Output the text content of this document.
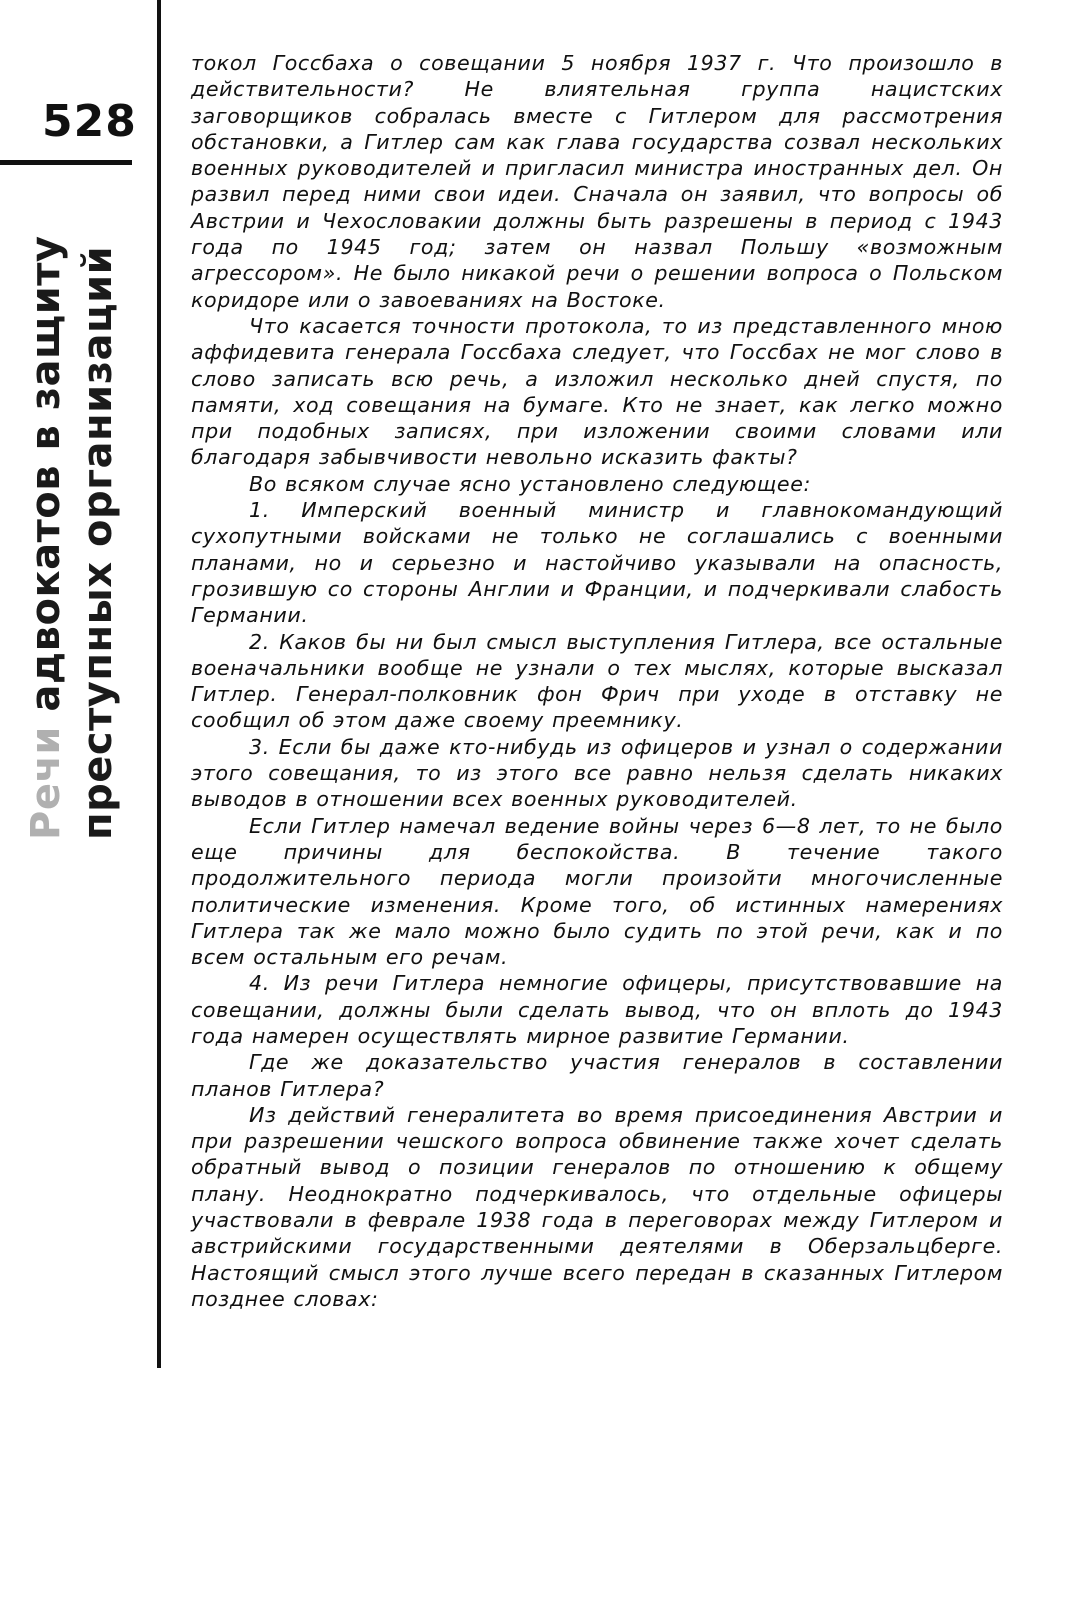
528
Речи адвокатов в защиту преступных организаций

токол Госсбаха о совещании 5 ноября 1937 г. Что произошло в действительности? Не влиятельная группа нацистских заговорщиков собралась вместе с Гитлером для рассмотрения обстановки, а Гитлер сам как глава государства созвал нескольких военных руководителей и пригласил министра иностранных дел. Он развил перед ними свои идеи. Сначала он заявил, что вопросы об Австрии и Чехословакии должны быть разрешены в период с 1943 года по 1945 год; затем он назвал Польшу «возможным агрессором». Не было никакой речи о решении вопроса о Польском коридоре или о завоеваниях на Востоке.

Что касается точности протокола, то из представленного мною аффидевита генерала Госсбаха следует, что Госсбах не мог слово в слово записать всю речь, а изложил несколько дней спустя, по памяти, ход совещания на бумаге. Кто не знает, как легко можно при подобных записях, при изложении своими словами или благодаря забывчивости невольно исказить факты?

Во всяком случае ясно установлено следующее:

1. Имперский военный министр и главнокомандующий сухопутными войсками не только не соглашались с военными планами, но и серьезно и настойчиво указывали на опасность, грозившую со стороны Англии и Франции, и подчеркивали слабость Германии.

2. Каков бы ни был смысл выступления Гитлера, все остальные военачальники вообще не узнали о тех мыслях, которые высказал Гитлер. Генерал-полковник фон Фрич при уходе в отставку не сообщил об этом даже своему преемнику.

3. Если бы даже кто-нибудь из офицеров и узнал о содержании этого совещания, то из этого все равно нельзя сделать никаких выводов в отношении всех военных руководителей.

Если Гитлер намечал ведение войны через 6—8 лет, то не было еще причины для беспокойства. В течение такого продолжительного периода могли произойти многочисленные политические изменения. Кроме того, об истинных намерениях Гитлера так же мало можно было судить по этой речи, как и по всем остальным его речам.

4. Из речи Гитлера немногие офицеры, присутствовавшие на совещании, должны были сделать вывод, что он вплоть до 1943 года намерен осуществлять мирное развитие Германии.

Где же доказательство участия генералов в составлении планов Гитлера?

Из действий генералитета во время присоединения Австрии и при разрешении чешского вопроса обвинение также хочет сделать обратный вывод о позиции генералов по отношению к общему плану. Неоднократно подчеркивалось, что отдельные офицеры участвовали в феврале 1938 года в переговорах между Гитлером и австрийскими государственными деятелями в Оберзальцберге. Настоящий смысл этого лучше всего передан в сказанных Гитлером позднее словах:
